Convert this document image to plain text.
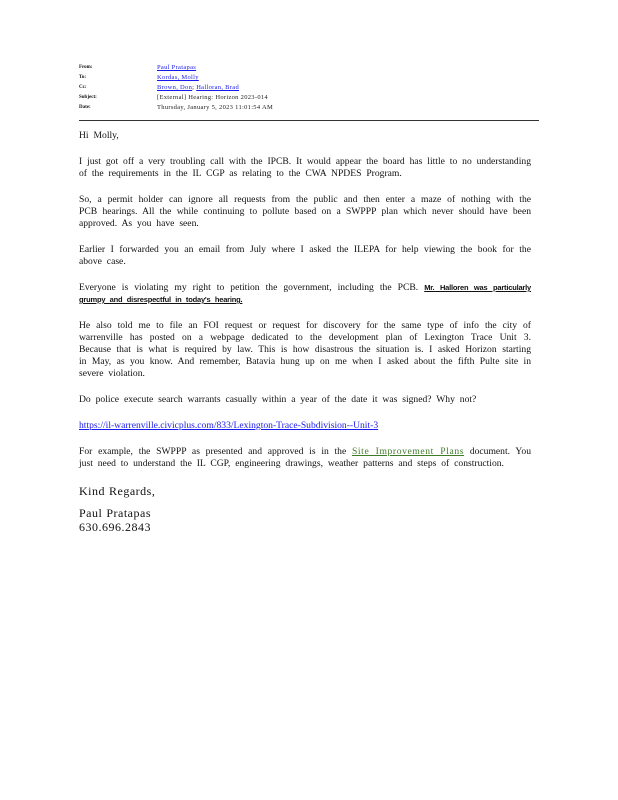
From:	Paul Pratapas
To:	Kordas, Molly
Cc:	Brown, Don; Halloran, Brad
Subject:	[External] Hearing: Horizon 2023-014
Date:	Thursday, January 5, 2023 11:01:54 AM

Hi Molly,

I just got off a very troubling call with the IPCB. It would appear the board has little to no understanding of the requirements in the IL CGP as relating to the CWA NPDES Program.

So, a permit holder can ignore all requests from the public and then enter a maze of nothing with the PCB hearings. All the while continuing to pollute based on a SWPPP plan which never should have been approved. As you have seen.

Earlier I forwarded you an email from July where I asked the ILEPA for help viewing the book for the above case.

Everyone is violating my right to petition the government, including the PCB. Mr. Halloren was particularly grumpy and disrespectful in today's hearing.

He also told me to file an FOI request or request for discovery for the same type of info the city of warrenville has posted on a webpage dedicated to the development plan of Lexington Trace Unit 3. Because that is what is required by law. This is how disastrous the situation is. I asked Horizon starting in May, as you know. And remember, Batavia hung up on me when I asked about the fifth Pulte site in severe violation.

Do police execute search warrants casually within a year of the date it was signed? Why not?

https://il-warrenville.civicplus.com/833/Lexington-Trace-Subdivision--Unit-3

For example, the SWPPP as presented and approved is in the Site Improvement Plans document. You just need to understand the IL CGP, engineering drawings, weather patterns and steps of construction.

Kind Regards,
Paul Pratapas
630.696.2843
